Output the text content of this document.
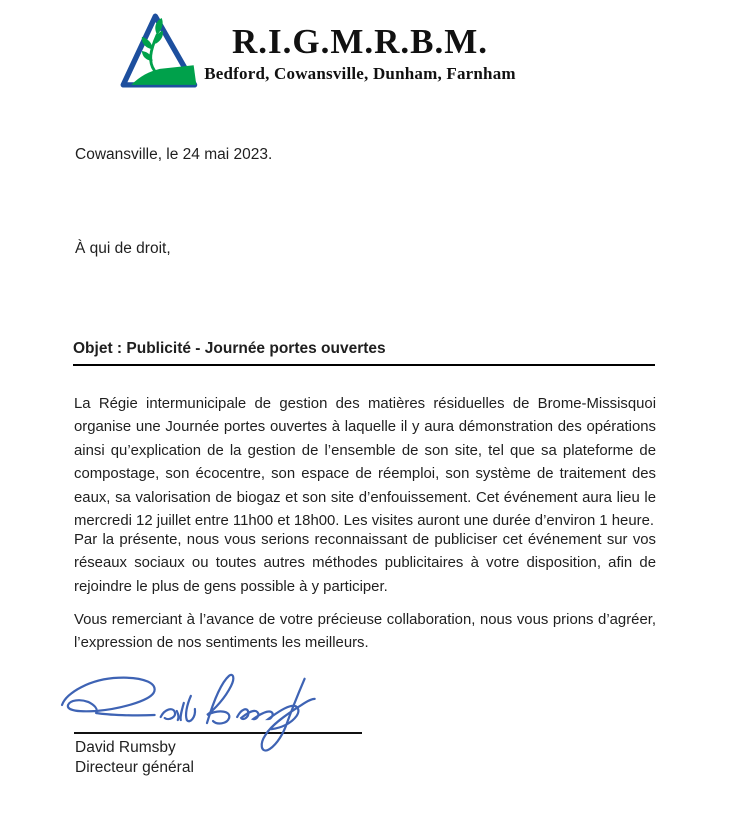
R.I.G.M.R.B.M.
Bedford, Cowansville, Dunham, Farnham
Cowansville, le 24 mai 2023.
À qui de droit,
Objet : Publicité - Journée portes ouvertes

La Régie intermunicipale de gestion des matières résiduelles de Brome-Missisquoi organise une Journée portes ouvertes à laquelle il y aura démonstration des opérations ainsi qu’explication de la gestion de l’ensemble de son site, tel que sa plateforme de compostage, son écocentre, son espace de réemploi, son système de traitement des eaux, sa valorisation de biogaz et son site d’enfouissement. Cet événement aura lieu le mercredi 12 juillet entre 11h00 et 18h00. Les visites auront une durée d’environ 1 heure.

Par la présente, nous vous serions reconnaissant de publiciser cet événement sur vos réseaux sociaux ou toutes autres méthodes publicitaires à votre disposition, afin de rejoindre le plus de gens possible à y participer.

Vous remerciant à l’avance de votre précieuse collaboration, nous vous prions d’agréer, l’expression de nos sentiments les meilleurs.

David Rumsby
Directeur général
